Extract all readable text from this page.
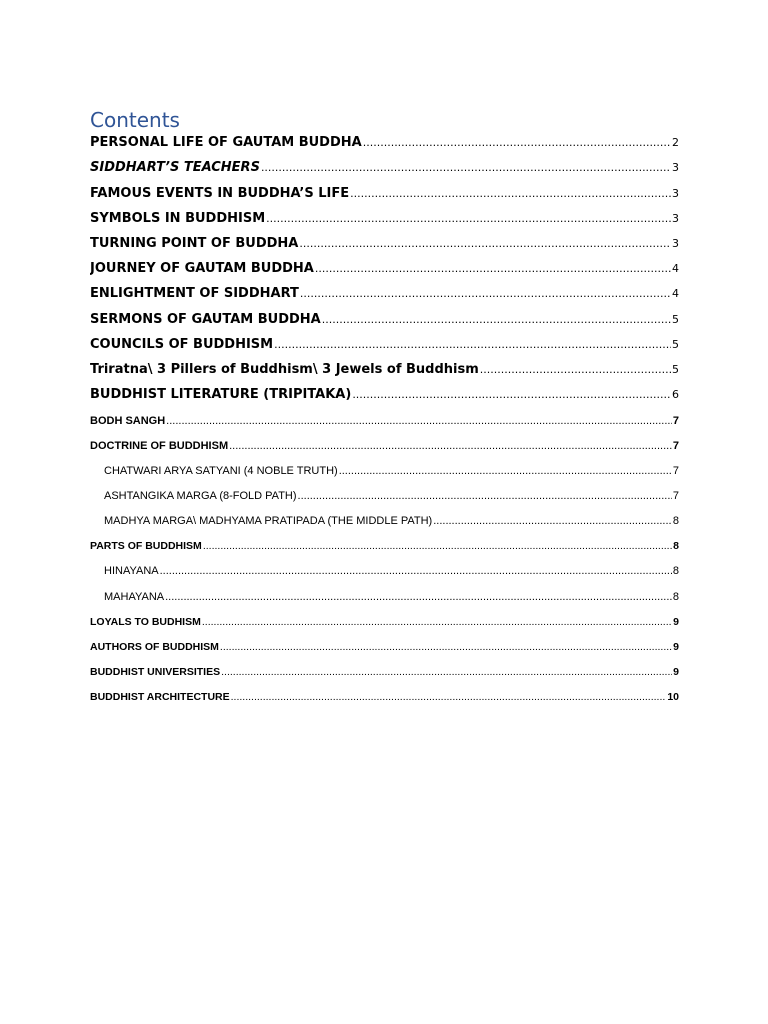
Contents
PERSONAL LIFE OF GAUTAM BUDDHA .....	2
SIDDHART’S TEACHERS .....	3
FAMOUS EVENTS IN BUDDHA’S LIFE .....	3
SYMBOLS IN BUDDHISM .....	3
TURNING POINT OF BUDDHA .....	3
JOURNEY OF GAUTAM BUDDHA .....	4
ENLIGHTMENT OF SIDDHART .....	4
SERMONS OF GAUTAM BUDDHA .....	5
COUNCILS OF BUDDHISM .....	5
Triratna\ 3 Pillers of Buddhism\ 3 Jewels of Buddhism .....	5
BUDDHIST LITERATURE (TRIPITAKA) .....	6
BODH SANGH .....	7
DOCTRINE OF BUDDHISM .....	7
CHATWARI ARYA SATYANI (4 NOBLE TRUTH) .....	7
ASHTANGIKA MARGA (8-FOLD PATH) .....	7
MADHYA MARGA\ MADHYAMA PRATIPADA (THE MIDDLE PATH) .....	8
PARTS OF BUDDHISM .....	8
HINAYANA .....	8
MAHAYANA .....	8
LOYALS TO BUDHISM .....	9
AUTHORS OF BUDDHISM .....	9
BUDDHIST UNIVERSITIES .....	9
BUDDHIST ARCHITECTURE .....	10
